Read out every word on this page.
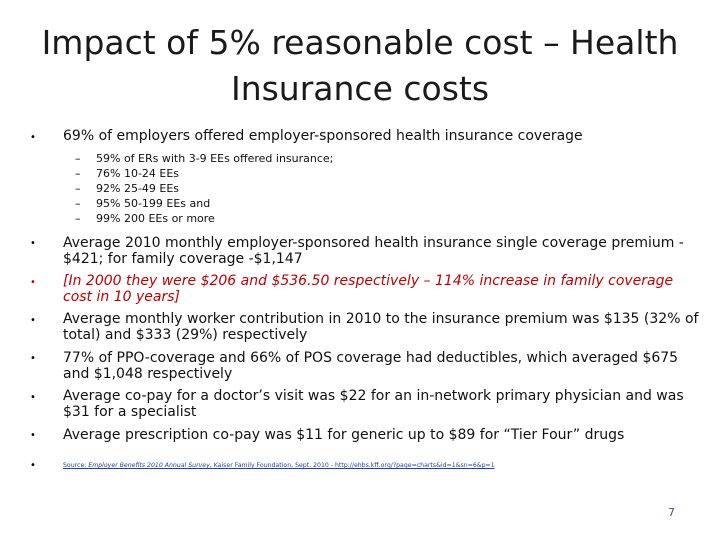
Impact of 5% reasonable cost – Health
Insurance costs
• 69% of employers offered employer-sponsored health insurance coverage
– 59% of ERs with 3-9 EEs offered insurance;
– 76% 10-24 EEs
– 92% 25-49 EEs
– 95% 50-199 EEs and
– 99% 200 EEs or more
• Average 2010 monthly employer-sponsored health insurance single coverage premium - $421; for family coverage -$1,147
• [In 2000 they were $206 and $536.50 respectively – 114% increase in family coverage cost in 10 years]
• Average monthly worker contribution in 2010 to the insurance premium was $135 (32% of total) and $333 (29%) respectively
• 77% of PPO-coverage and 66% of POS coverage had deductibles, which averaged $675 and $1,048 respectively
• Average co-pay for a doctor’s visit was $22 for an in-network primary physician and was $31 for a specialist
• Average prescription co-pay was $11 for generic up to $89 for “Tier Four” drugs
•	Source: Employer Benefits 2010 Annual Survey, Kaiser Family Foundation, Sept. 2010 - http://ehbs.kff.org/?page=charts&id=1&sn=6&p=1
7
